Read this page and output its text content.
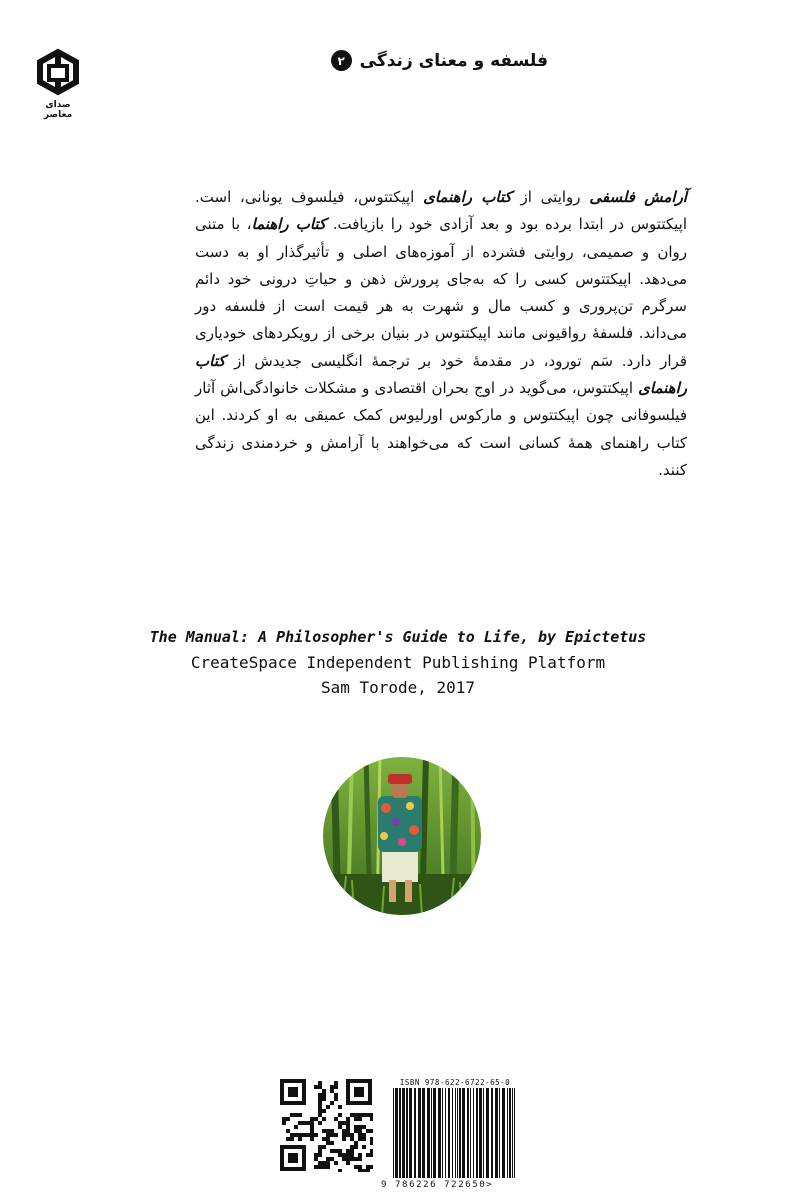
صدای
معاصر
فلسفه و معنای زندگی
۲

آرامش فلسفی روایتی از کتاب راهنمای اپیکتتوس، فیلسوف یونانی، است. اپیکتتوس در ابتدا برده بود و بعد آزادی خود را بازیافت. کتاب راهنما، با متنی روان و صمیمی، روایتی فشرده از آموزه‌های اصلی و تأثیرگذار او به دست می‌دهد. اپیکتتوس کسی را که به‌جای پرورش ذهن و حیاتِ درونی خود دائم سرگرم تن‌پروری و کسب مال و شهرت به هر قیمت است از فلسفه دور می‌داند. فلسفهٔ رواقیونی مانند اپیکتتوس در بنیان برخی از رویکردهای خودیاری قرار دارد. سَم تورود، در مقدمهٔ خود بر ترجمهٔ انگلیسی جدیدش از کتاب راهنمای اپیکتتوس، می‌گوید در اوج بحران اقتصادی و مشکلات خانوادگی‌اش آثار فیلسوفانی چون اپیکتتوس و مارکوس اورلیوس کمک عمیقی به او کردند. این کتاب راهنمای همهٔ کسانی است که می‌خواهند با آرامش و خردمندی زندگی کنند.

The Manual: A Philosopher's Guide to Life, by Epictetus
CreateSpace Independent Publishing Platform
Sam Torode, 2017
ISBN 978-622-6722-65-0
9 786226 722650>
